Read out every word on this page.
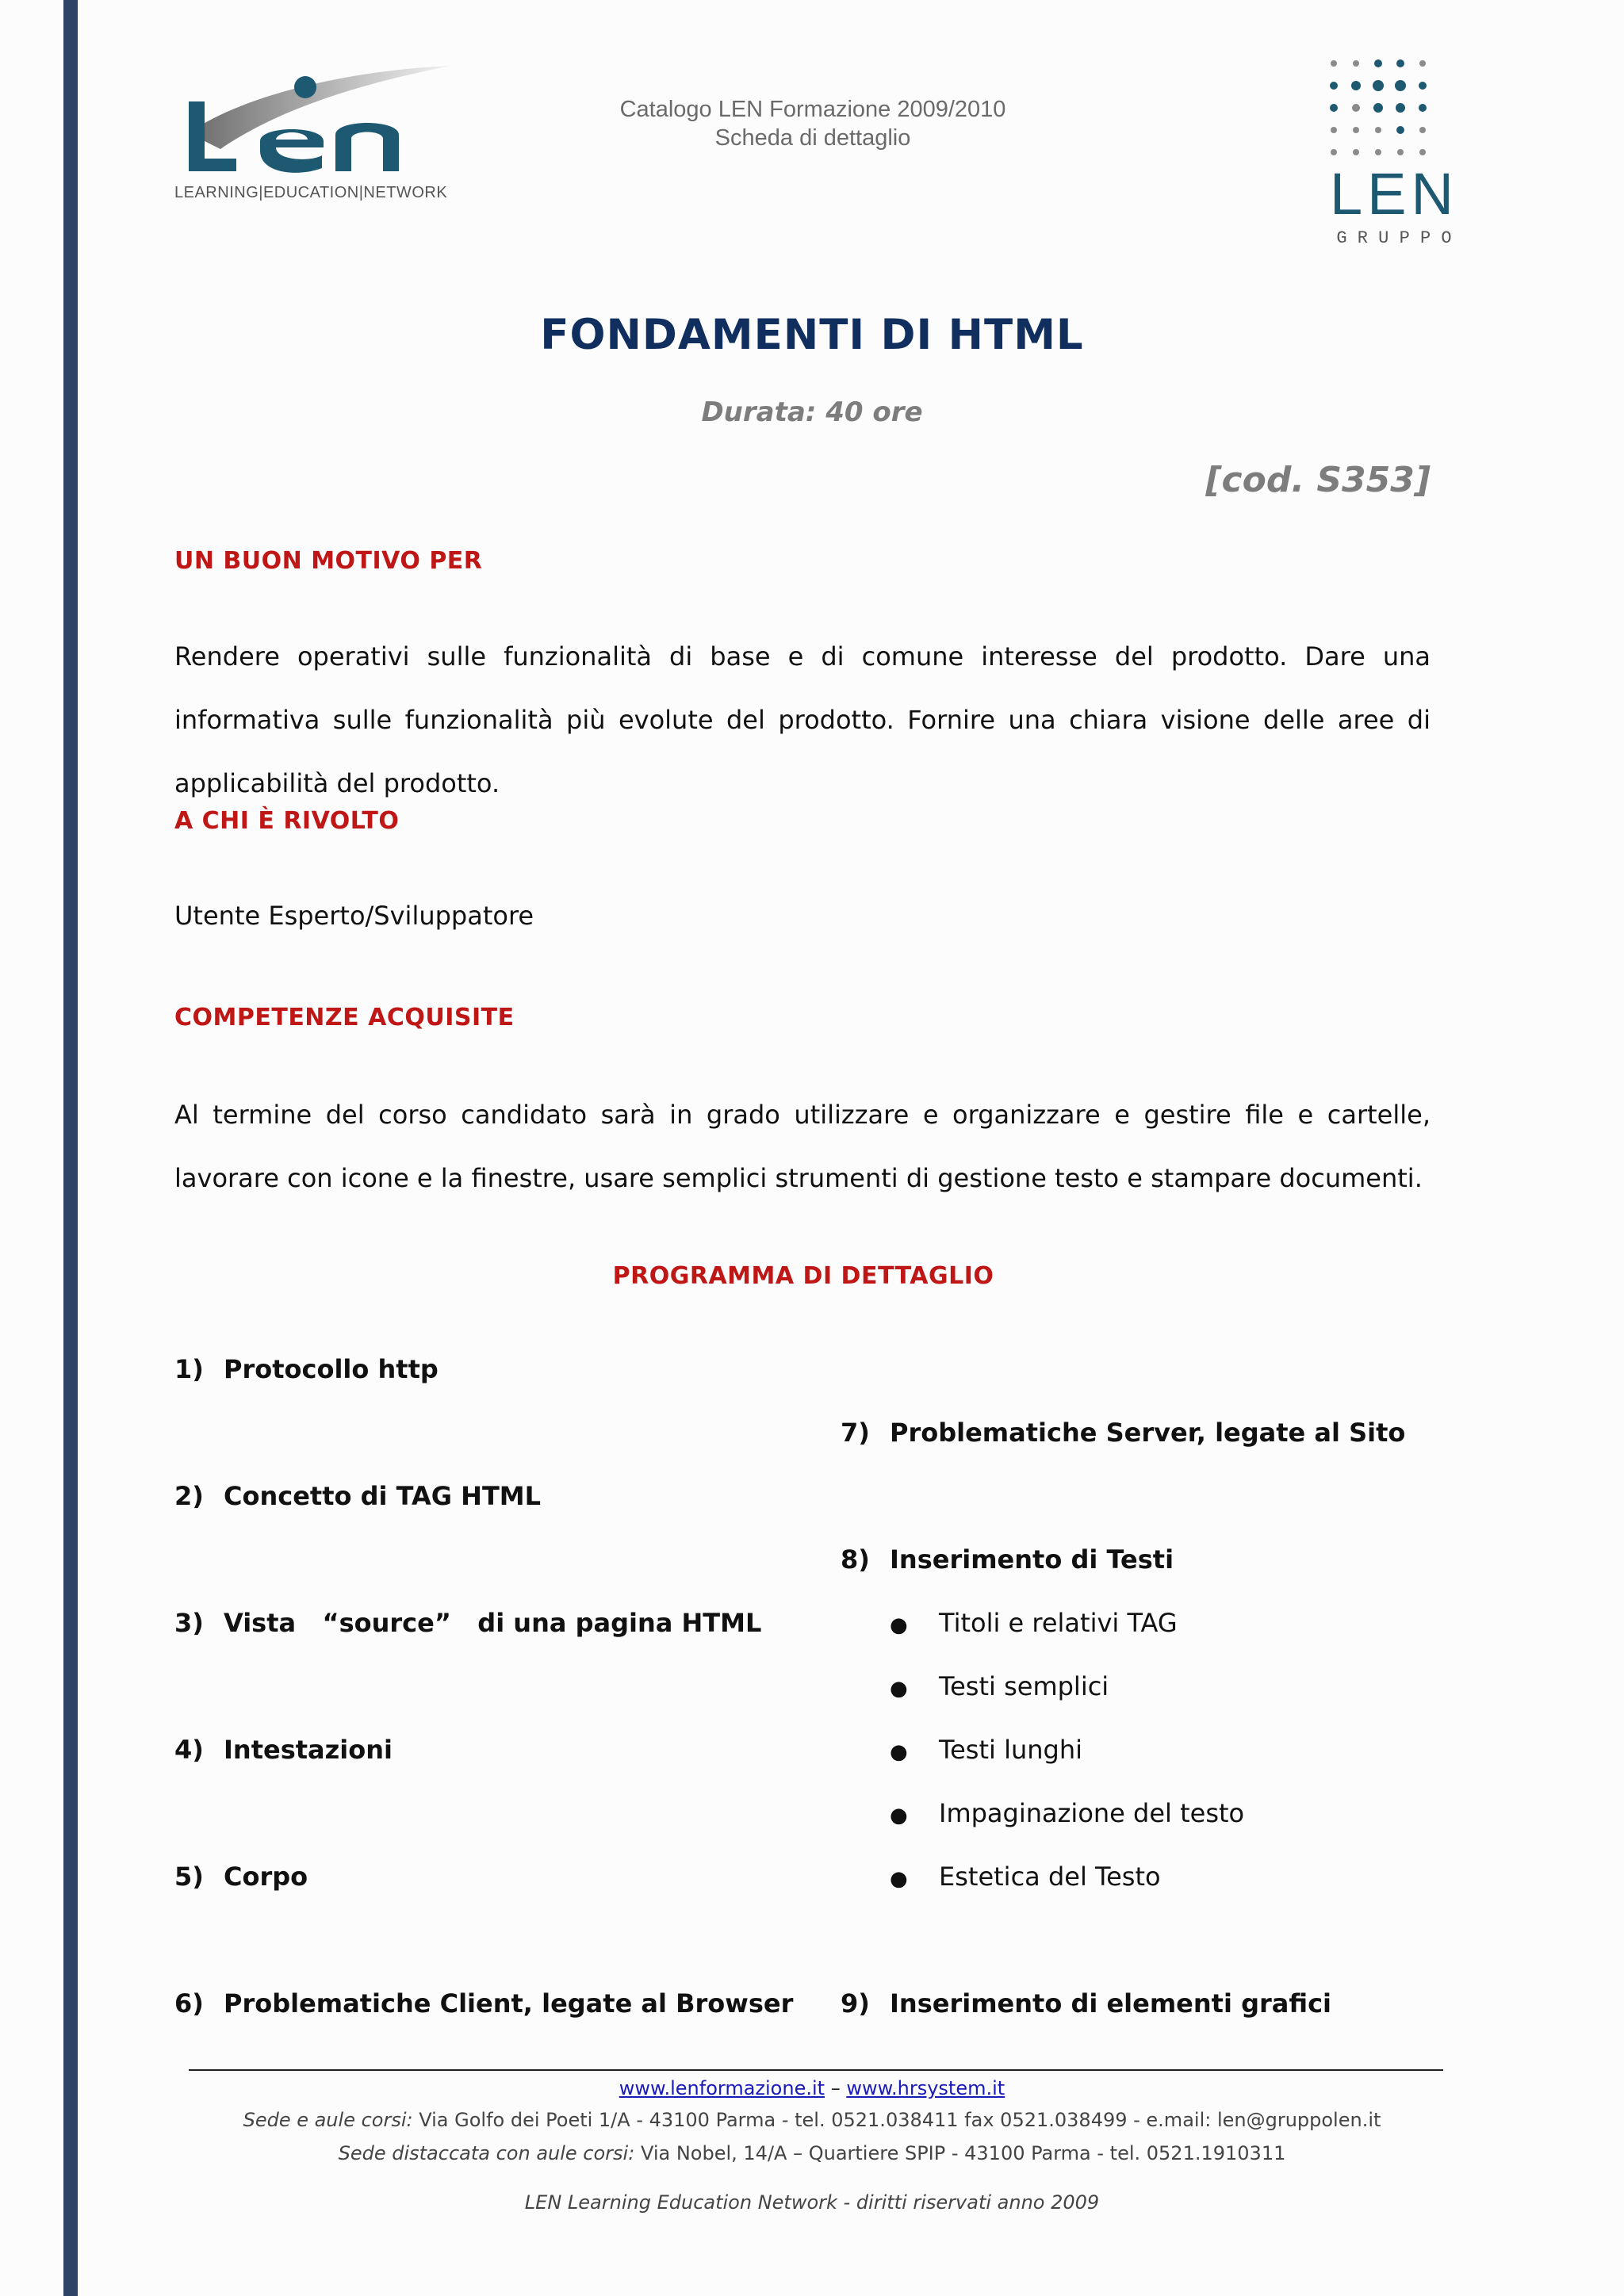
LEARNING|EDUCATION|NETWORK
Catalogo LEN Formazione 2009/2010
Scheda di dettaglio
LEN
G R U P P O
FONDAMENTI DI HTML
Durata: 40 ore
[cod. S353]
UN BUON MOTIVO PER
Rendere operativi sulle funzionalità di base e di comune interesse del prodotto. Dare una informativa sulle funzionalità più evolute del prodotto. Fornire una chiara visione delle aree di applicabilità del prodotto.
A CHI È RIVOLTO
Utente Esperto/Sviluppatore
COMPETENZE ACQUISITE
Al termine del corso candidato sarà in grado utilizzare e organizzare e gestire file e cartelle, lavorare con icone e la finestre, usare semplici strumenti di gestione testo e stampare documenti.
PROGRAMMA DI DETTAGLIO
1) Protocollo http
2) Concetto di TAG HTML
3) Vista   “source”   di una pagina HTML
4) Intestazioni
5) Corpo
6) Problematiche Client, legate al Browser
7) Problematiche Server, legate al Sito
8) Inserimento di Testi
● Titoli e relativi TAG
● Testi semplici
● Testi lunghi
● Impaginazione del testo
● Estetica del Testo
9) Inserimento di elementi grafici
www.lenformazione.it – www.hrsystem.it
Sede e aule corsi: Via Golfo dei Poeti 1/A - 43100 Parma - tel. 0521.038411 fax 0521.038499 - e.mail: len@gruppolen.it
Sede distaccata con aule corsi: Via Nobel, 14/A – Quartiere SPIP - 43100 Parma - tel. 0521.1910311
LEN Learning Education Network - diritti riservati anno 2009
